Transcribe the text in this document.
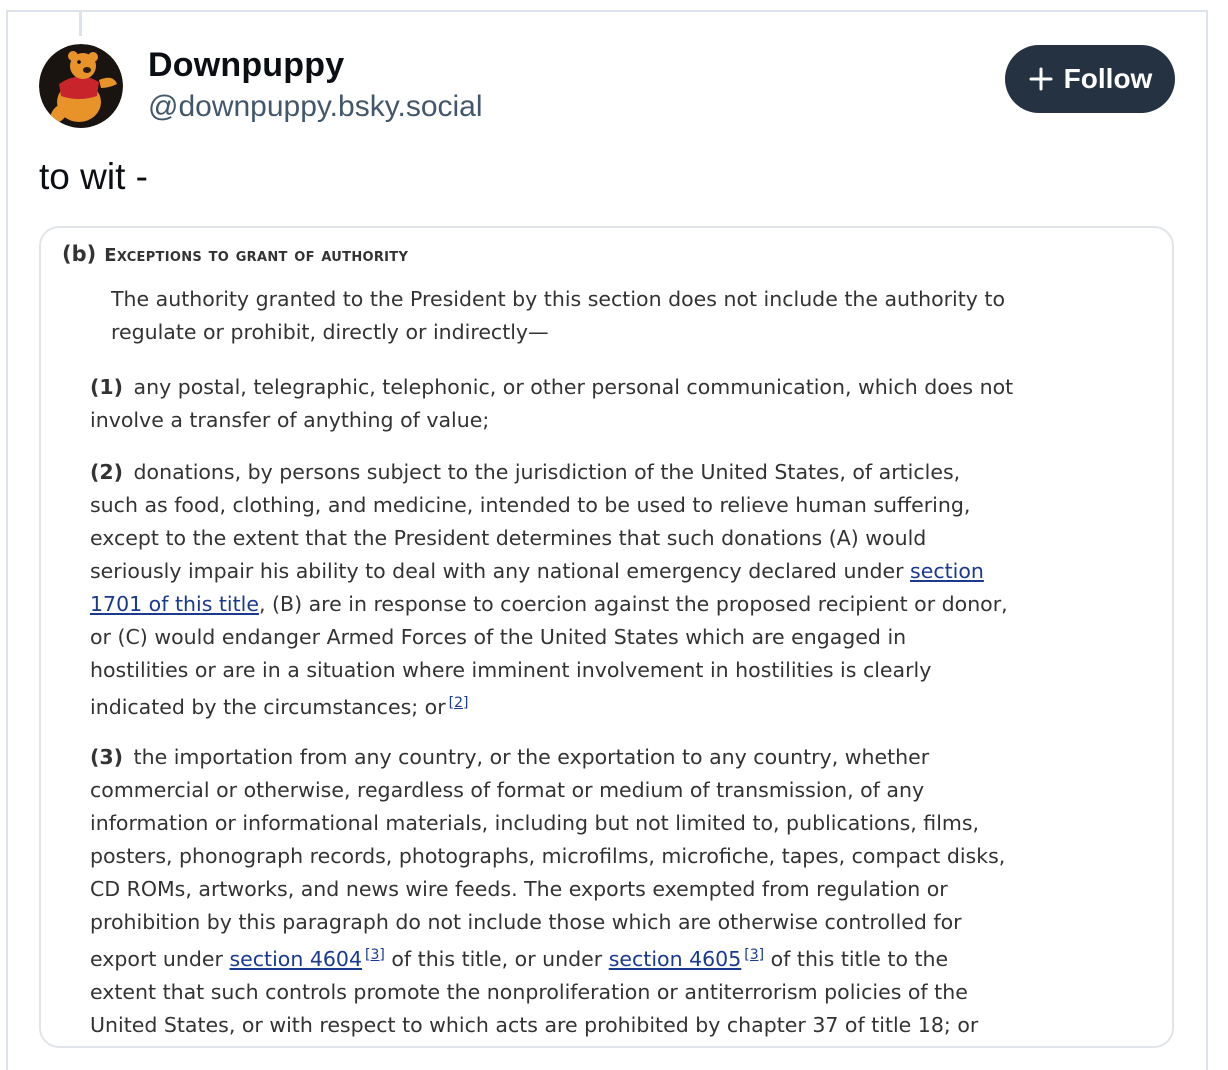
Downpuppy
@downpuppy.bsky.social
Follow
to wit -
(b) Exceptions to grant of authority
The authority granted to the President by this section does not include the authority to
regulate or prohibit, directly or indirectly—
(1) any postal, telegraphic, telephonic, or other personal communication, which does not
involve a transfer of anything of value;
(2) donations, by persons subject to the jurisdiction of the United States, of articles,
such as food, clothing, and medicine, intended to be used to relieve human suffering,
except to the extent that the President determines that such donations (A) would
seriously impair his ability to deal with any national emergency declared under section
1701 of this title, (B) are in response to coercion against the proposed recipient or donor,
or (C) would endanger Armed Forces of the United States which are engaged in
hostilities or are in a situation where imminent involvement in hostilities is clearly
indicated by the circumstances; or [2]
(3) the importation from any country, or the exportation to any country, whether
commercial or otherwise, regardless of format or medium of transmission, of any
information or informational materials, including but not limited to, publications, films,
posters, phonograph records, photographs, microfilms, microfiche, tapes, compact disks,
CD ROMs, artworks, and news wire feeds. The exports exempted from regulation or
prohibition by this paragraph do not include those which are otherwise controlled for
export under section 4604 [3] of this title, or under section 4605 [3] of this title to the
extent that such controls promote the nonproliferation or antiterrorism policies of the
United States, or with respect to which acts are prohibited by chapter 37 of title 18; or
